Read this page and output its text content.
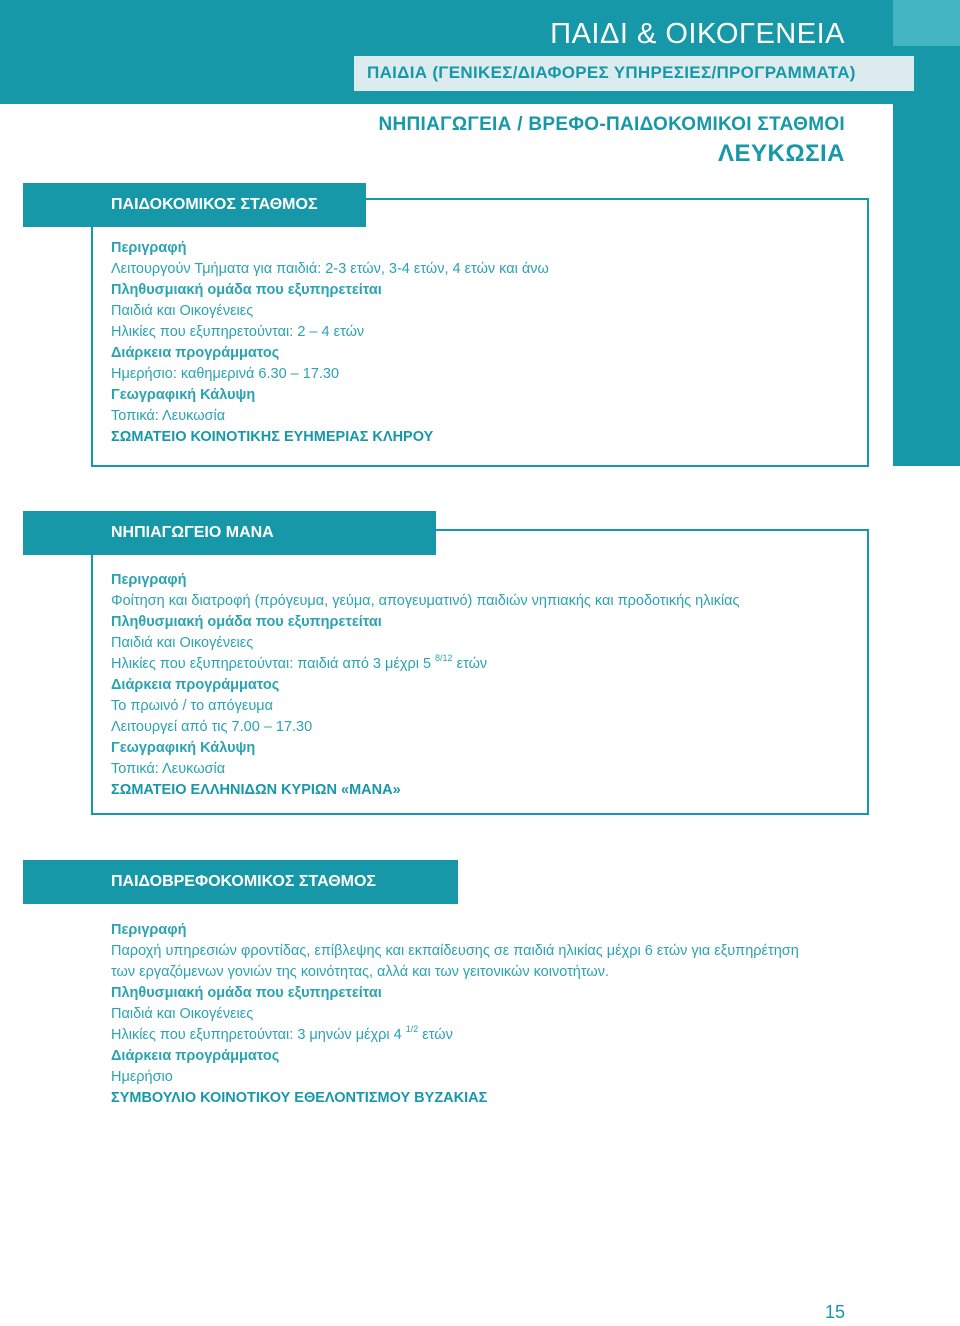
ΠΑΙΔΙ & ΟΙΚΟΓΕΝΕΙΑ
ΠΑΙΔΙΑ (ΓΕΝΙΚΕΣ/ΔΙΑΦΟΡΕΣ ΥΠΗΡΕΣΙΕΣ/ΠΡΟΓΡΑΜΜΑΤΑ)
ΝΗΠΙΑΓΩΓΕΙΑ / ΒΡΕΦΟ-ΠΑΙΔΟΚΟΜΙΚΟΙ ΣΤΑΘΜΟΙ
ΛΕΥΚΩΣΙΑ
ΠΑΙΔΟΚΟΜΙΚΟΣ ΣΤΑΘΜΟΣ
Περιγραφή
Λειτουργούν Τμήματα για παιδιά: 2-3 ετών, 3-4 ετών, 4 ετών και άνω
Πληθυσμιακή ομάδα που εξυπηρετείται
Παιδιά και Οικογένειες
Ηλικίες που εξυπηρετούνται: 2 – 4 ετών
Διάρκεια προγράμματος
Ημερήσιο: καθημερινά 6.30 – 17.30
Γεωγραφική Κάλυψη
Τοπικά: Λευκωσία
ΣΩΜΑΤΕΙΟ ΚΟΙΝΟΤΙΚΗΣ ΕΥΗΜΕΡΙΑΣ ΚΛΗΡΟΥ
ΝΗΠΙΑΓΩΓΕΙΟ ΜΑΝΑ
Περιγραφή
Φοίτηση και διατροφή (πρόγευμα, γεύμα, απογευματινό) παιδιών νηπιακής και προδοτικής ηλικίας
Πληθυσμιακή ομάδα που εξυπηρετείται
Παιδιά και Οικογένειες
Ηλικίες που εξυπηρετούνται: παιδιά από 3 μέχρι 5 $^{8/12}$ ετών
Διάρκεια προγράμματος
Το πρωινό / το απόγευμα
Λειτουργεί από τις 7.00 – 17.30
Γεωγραφική Κάλυψη
Τοπικά: Λευκωσία
ΣΩΜΑΤΕΙΟ ΕΛΛΗΝΙΔΩΝ ΚΥΡΙΩΝ «ΜΑΝΑ»
ΠΑΙΔΟΒΡΕΦΟΚΟΜΙΚΟΣ ΣΤΑΘΜΟΣ
Περιγραφή
Παροχή υπηρεσιών φροντίδας, επίβλεψης και εκπαίδευσης σε παιδιά ηλικίας μέχρι 6 ετών για εξυπηρέτηση
των εργαζόμενων γονιών της κοινότητας, αλλά και των γειτονικών κοινοτήτων.
Πληθυσμιακή ομάδα που εξυπηρετείται
Παιδιά και Οικογένειες
Ηλικίες που εξυπηρετούνται: 3 μηνών μέχρι 4 $^{1/2}$ ετών
Διάρκεια προγράμματος
Ημερήσιο
ΣΥΜΒΟΥΛΙΟ ΚΟΙΝΟΤΙΚΟΥ ΕΘΕΛΟΝΤΙΣΜΟΥ ΒΥΖΑΚΙΑΣ
15
